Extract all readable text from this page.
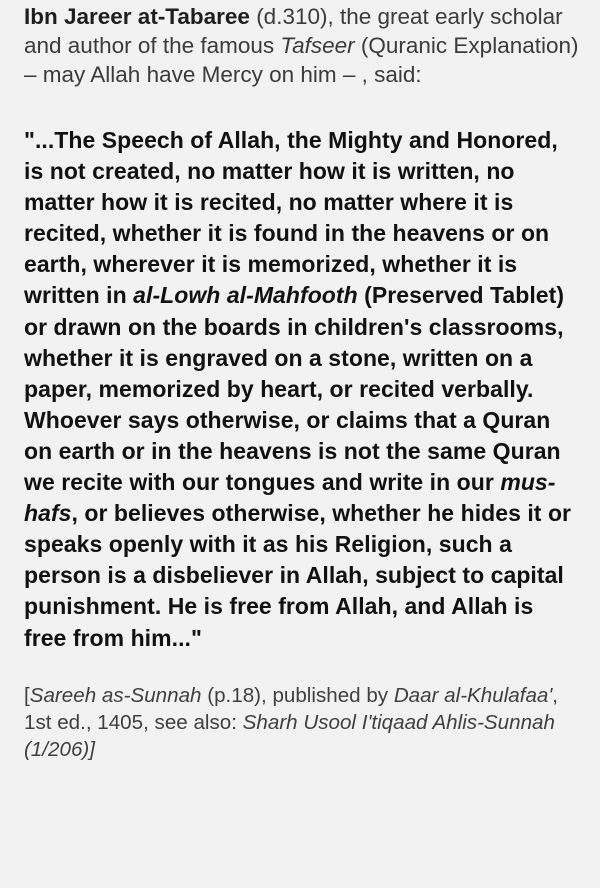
Ibn Jareer at-Tabaree (d.310), the great early scholar and author of the famous Tafseer (Quranic Explanation) – may Allah have Mercy on him – , said:

"...The Speech of Allah, the Mighty and Honored, is not created, no matter how it is written, no matter how it is recited, no matter where it is recited, whether it is found in the heavens or on earth, wherever it is memorized, whether it is written in al-Lowh al-Mahfooth (Preserved Tablet) or drawn on the boards in children's classrooms, whether it is engraved on a stone, written on a paper, memorized by heart, or recited verbally. Whoever says otherwise, or claims that a Quran on earth or in the heavens is not the same Quran we recite with our tongues and write in our mus-hafs, or believes otherwise, whether he hides it or speaks openly with it as his Religion, such a person is a disbeliever in Allah, subject to capital punishment. He is free from Allah, and Allah is free from him..."

[Sareeh as-Sunnah (p.18), published by Daar al-Khulafaa', 1st ed., 1405, see also: Sharh Usool I'tiqaad Ahlis-Sunnah (1/206)]
